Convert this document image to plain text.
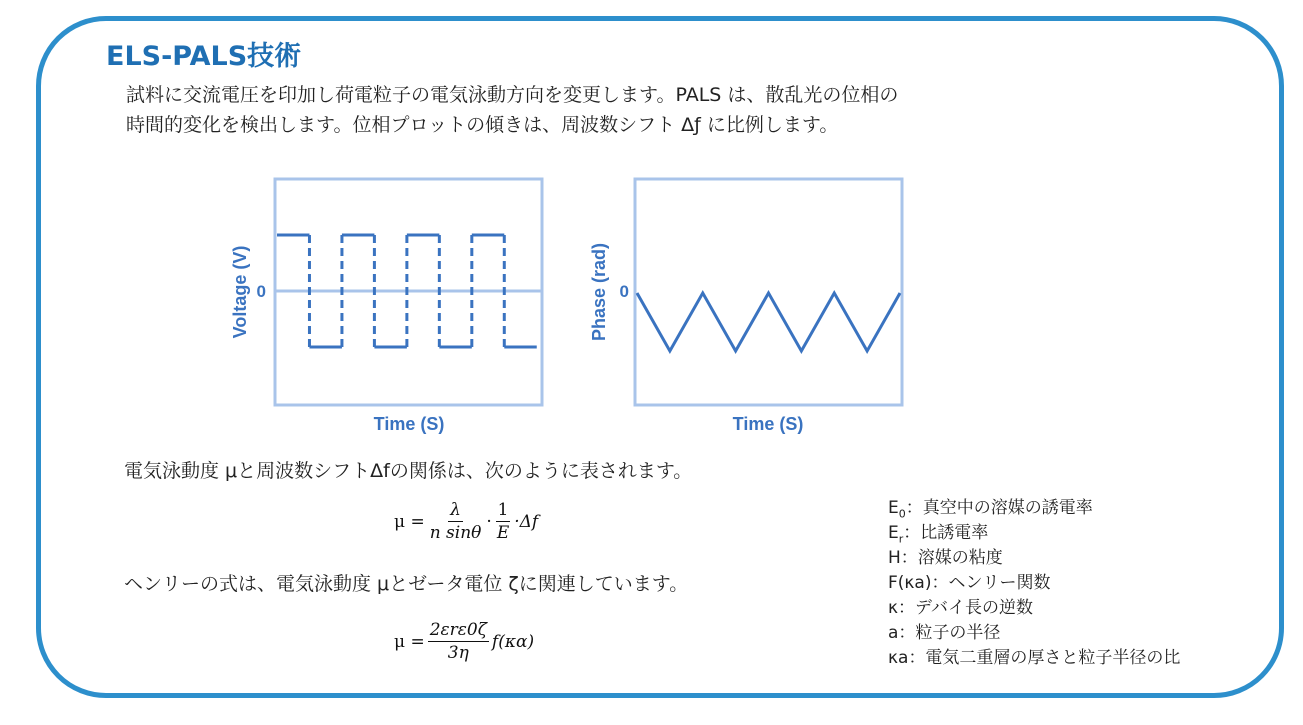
ELS-PALS技術
試料に交流電圧を印加し荷電粒子の電気泳動方向を変更します。PALS は、散乱光の位相の
時間的変化を検出します。位相プロットの傾きは、周波数シフト Δƒ に比例します。
0
Voltage (V)
Time (S)
0
Phase (rad)
Time (S)
電気泳動度 μと周波数シフトΔfの関係は、次のように表されます。
$\mu = \frac{\lambda}{\text{n sinθ}} \cdot \frac{1}{E} \cdot\Delta f$
ヘンリーの式は、電気泳動度 μとゼータ電位 ζに関連しています。
$\mu = \frac{\text{2εrε0ζ}}{3\eta} f(\kappa\alpha)$
$E_0$：真空中の溶媒の誘電率
$E_r$：比誘電率
H：溶媒の粘度
F(κa)：ヘンリー関数
κ：デバイ長の逆数
a：粒子の半径
κa：電気二重層の厚さと粒子半径の比
